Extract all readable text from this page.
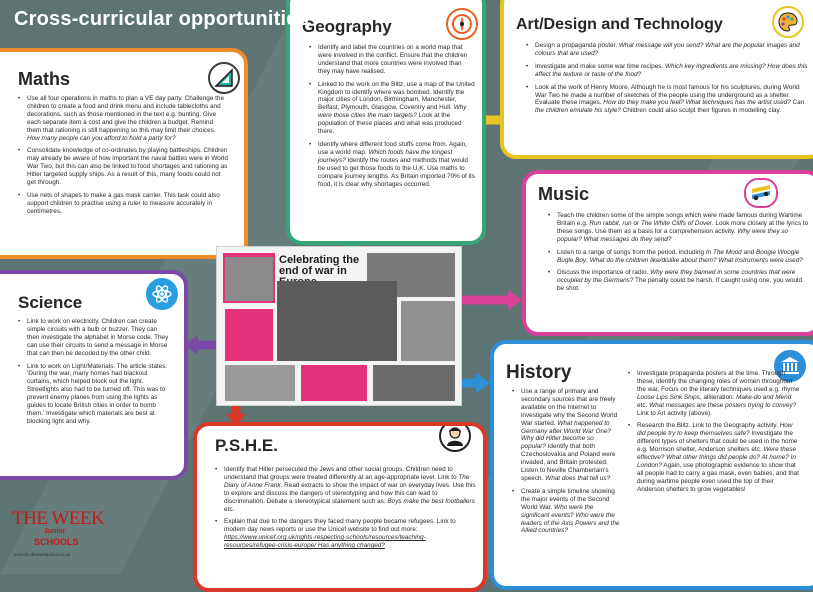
Cross-curricular opportunities
Maths
• Use all four operations in maths to plan a VE day party. Challenge the children to create a food and drink menu and include tablecloths and decorations, such as those mentioned in the text e.g. bunting. Give each separate item a cost and give the children a budget. Remind them that rationing is still happening so this may limit their choices. How many people can you afford to hold a party for?
• Consolidate knowledge of co-ordinates by playing battleships. Children may already be aware of how important the naval battles were in World War Two, but this can also be linked to food shortages and rationing as Hitler targeted supply ships. As a result of this, many foods could not get through.
• Use nets of shapes to make a gas mask carrier. This task could also support children to practise using a ruler to measure accurately in centimetres.
Geography
• Identify and label the countries on a world map that were involved in the conflict. Ensure that the children understand that more countries were involved than they may have realised.
• Linked to the work on the Blitz, use a map of the United Kingdom to identify where was bombed. Identify the major cities of London, Birmingham, Manchester, Belfast, Plymouth, Glasgow, Coventry and Hull. Why were those cities the main targets? Look at the population of these places and what was produced there.
• Identify where different food stuffs come from. Again, use a world map. Which foods have the longest journeys? Identify the routes and methods that would be used to get those foods to the U.K. Use maths to compare journey lengths. As Britain imported 70% of its food, it is clear why shortages occurred.
Art/Design and Technology
• Design a propaganda poster. What message will you send? What are the popular images and colours that are used?
• Investigate and make some war time recipes. Which key ingredients are missing? How does this affect the texture or taste of the food?
• Look at the work of Henry Moore. Although he is most famous for his sculptures, during World War Two he made a number of sketches of the people using the underground as a shelter. Evaluate these images. How do they make you feel? What techniques has the artist used? Can the children emulate his style? Children could also sculpt their figures in modelling clay.
Music
• Teach the children some of the simple songs which were made famous during Wartime Britain e.g. Run rabbit, run or The White Cliffs of Dover. Look more closely at the lyrics to these songs. Use them as a basis for a comprehension activity. Why were they so popular? What messages do they send?
• Listen to a range of songs from the period, including In The Mood and Boogie Woogie Bugle Boy. What do the children like/dislike about them? What instruments were used?
• Discuss the importance of radio. Why were they banned in some countries that were occupied by the Germans? The penalty could be harsh. If caught using one, you would be shot.
Science
• Link to work on electricity. Children can create simple circuits with a bulb or buzzer. They can then investigate the alphabet in Morse code. They can use their circuits to send a message in Morse that can then be decoded by the other child.
• Link to work on Light/Materials. The article states: 'During the war, many homes had blackout curtains, which helped block out the light. Streetlights also had to be turned off. This was to prevent enemy planes from using the lights as guides to locate British cities in order to bomb them.' Investigate which materials are best at blocking light and why.
P.S.H.E.
• Identify that Hitler persecuted the Jews and other social groups. Children need to understand that groups were treated differently at an age-appropriate level. Link to The Diary of Anne Frank. Read extracts to show the impact of war on everyday lives. Use this to explore and discuss the dangers of stereotyping and how this can lead to discrimination. Debate a stereotypical statement such as: Boys make the best footballers etc.
• Explain that due to the dangers they faced many people became refugees. Link to modern day news reports or use the Unicef website to find out more: https://www.unicef.org.uk/rights-respecting-schools/resources/teaching-resources/refugee-crisis-europe/ Has anything changed?
History
• Use a range of primary and secondary sources that are freely available on the Internet to investigate why the Second World War started. What happened to Germany after World War One? Why did Hitler become so popular? Identify that both Czechoslovakia and Poland were invaded, and Britain protested. Listen to Neville Chamberlain's speech. What does that tell us?
• Create a simple timeline showing the major events of the Second World War. Who were the significant events? Who were the leaders of the Axis Powers and the Allied countries?
• Investigate propaganda posters at the time. Through these, identify the changing roles of women throughout the war. Focus on the literary techniques used e.g. rhyme Loose Lips Sink Ships, alliteration: Make-do and Mend etc. What messages are these posters trying to convey? Link to Art activity (above).
• Research the Blitz. Link to the Geography activity. How did people try to keep themselves safe? Investigate the different types of shelters that could be used in the home e.g. Morrison shelter, Anderson shelters etc. Were these effective? What other things did people do? At home? In London? Again, use photographic evidence to show that all people had to carry a gas mask, even babies, and that during wartime people even used the top of their Anderson shelters to grow vegetables!

Celebrating the end of war in

THE WEEK
Junior
SCHOOLS
schools.theweekjunior.co.uk
